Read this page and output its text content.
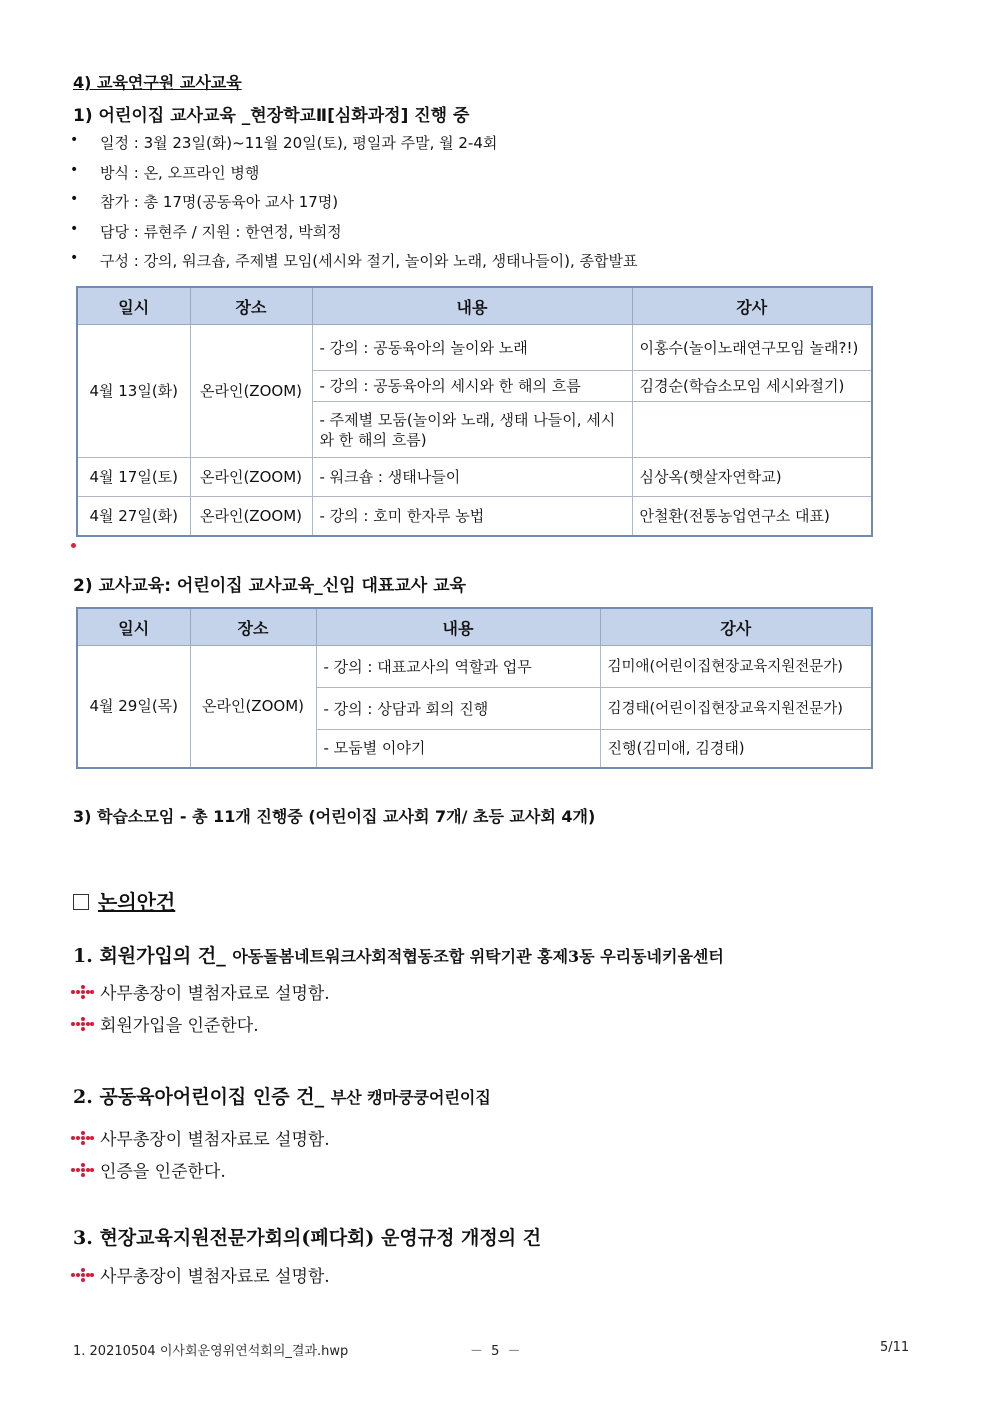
4) 교육연구원 교사교육
1) 어린이집 교사교육 _현장학교Ⅱ[심화과정] 진행 중
•	일정 : 3월 23일(화)~11월 20일(토), 평일과 주말, 월 2-4회
•	방식 : 온, 오프라인 병행
•	참가 : 총 17명(공동육아 교사 17명)
•	담당 : 류현주 / 지원 : 한연정, 박희정
•	구성 : 강의, 워크숍, 주제별 모임(세시와 절기, 놀이와 노래, 생태나들이), 종합발표
일시	장소	내용	강사
4월 13일(화)	온라인(ZOOM)	- 강의 : 공동육아의 놀이와 노래	이홍수(놀이노래연구모임 놀래?!)
		- 강의 : 공동육아의 세시와 한 해의 흐름	김경순(학습소모임 세시와절기)
		- 주제별 모둠(놀이와 노래, 생태 나들이, 세시와 한 해의 흐름)	
4월 17일(토)	온라인(ZOOM)	- 워크숍 : 생태나들이	심상옥(햇살자연학교)
4월 27일(화)	온라인(ZOOM)	- 강의 : 호미 한자루 농법	안철환(전통농업연구소 대표)
2) 교사교육: 어린이집 교사교육_신임 대표교사 교육
일시	장소	내용	강사
4월 29일(목)	온라인(ZOOM)	- 강의 : 대표교사의 역할과 업무	김미애(어린이집현장교육지원전문가)
		- 강의 : 상담과 회의 진행	김경태(어린이집현장교육지원전문가)
		- 모둠별 이야기	진행(김미애, 김경태)
3) 학습소모임 - 총 11개 진행중 (어린이집 교사회 7개/ 초등 교사회 4개)
논의안건
1. 회원가입의 건_ 아동돌봄네트워크사회적협동조합 위탁기관 홍제3동 우리동네키움센터
사무총장이 별첨자료로 설명함.
회원가입을 인준한다.
2. 공동육아어린이집 인증 건_ 부산 캥마쿵쿵어린이집
사무총장이 별첨자료로 설명함.
인증을 인준한다.
3. 현장교육지원전문가회의(페다회) 운영규정 개정의 건
사무총장이 별첨자료로 설명함.
1. 20210504 이사회운영위연석회의_결과.hwp	－ 5 －	5/11
